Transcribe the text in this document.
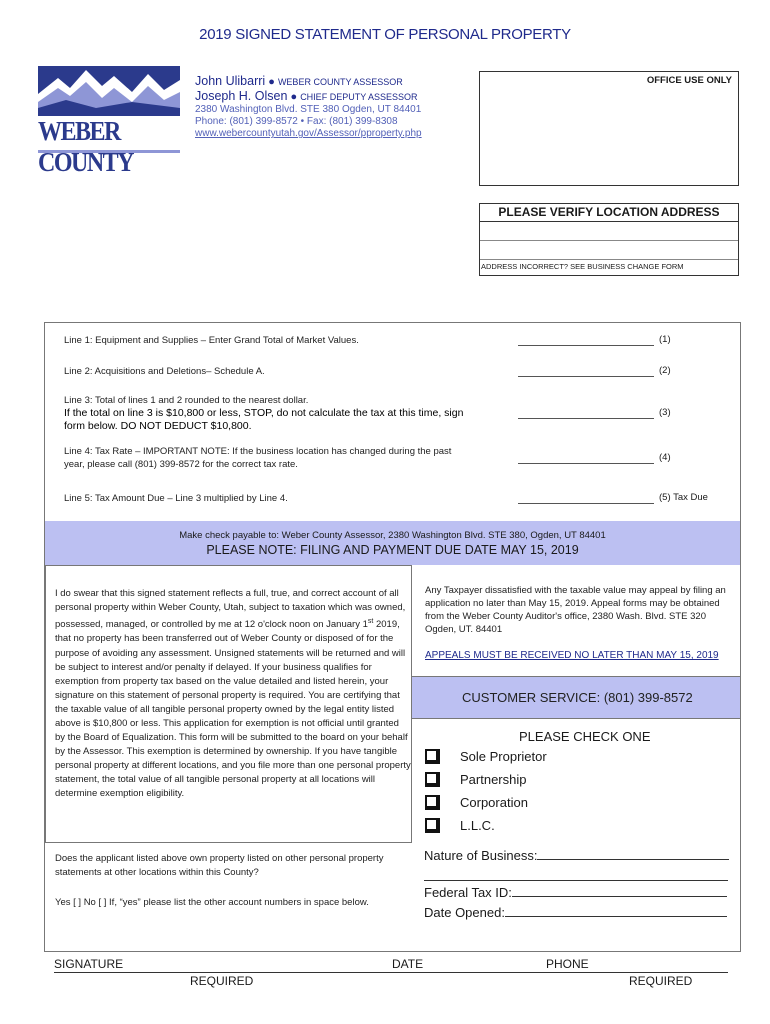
2019 SIGNED STATEMENT OF PERSONAL PROPERTY
WEBER COUNTY
John Ulibarri ● WEBER COUNTY ASSESSOR
Joseph H. Olsen ● CHIEF DEPUTY ASSESSOR
2380 Washington Blvd. STE 380 Ogden, UT 84401
Phone: (801) 399-8572 • Fax: (801) 399-8308
www.webercountyutah.gov/Assessor/pproperty.php
OFFICE USE ONLY
PLEASE VERIFY LOCATION ADDRESS
ADDRESS INCORRECT? SEE BUSINESS CHANGE FORM
Line 1: Equipment and Supplies – Enter Grand Total of Market Values.	(1)
Line 2: Acquisitions and Deletions– Schedule A.	(2)
Line 3: Total of lines 1 and 2 rounded to the nearest dollar.
If the total on line 3 is $10,800 or less, STOP, do not calculate the tax at this time, sign form below. DO NOT DEDUCT $10,800.
(3)
Line 4: Tax Rate – IMPORTANT NOTE: If the business location has changed during the past year, please call (801) 399-8572 for the correct tax rate.
(4)
Line 5: Tax Amount Due – Line 3 multiplied by Line 4.	(5) Tax Due
Make check payable to: Weber County Assessor, 2380 Washington Blvd. STE 380, Ogden, UT 84401
PLEASE NOTE: FILING AND PAYMENT DUE DATE MAY 15, 2019
I do swear that this signed statement reflects a full, true, and correct account of all personal property within Weber County, Utah, subject to taxation which was owned, possessed, managed, or controlled by me at 12 o'clock noon on January 1st 2019, that no property has been transferred out of Weber County or disposed of for the purpose of avoiding any assessment. Unsigned statements will be returned and will be subject to interest and/or penalty if delayed. If your business qualifies for exemption from property tax based on the value detailed and listed herein, your signature on this statement of personal property is required. You are certifying that the taxable value of all tangible personal property owned by the legal entity listed above is $10,800 or less. This application for exemption is not official until granted by the Board of Equalization. This form will be submitted to the board on your behalf by the Assessor. This exemption is determined by ownership. If you have tangible personal property at different locations, and you file more than one personal property statement, the total value of all tangible personal property at all locations will determine exemption eligibility.
Any Taxpayer dissatisfied with the taxable value may appeal by filing an application no later than May 15, 2019. Appeal forms may be obtained from the Weber County Auditor's office, 2380 Wash. Blvd. STE 320 Ogden, UT. 84401
APPEALS MUST BE RECEIVED NO LATER THAN MAY 15, 2019
CUSTOMER SERVICE: (801) 399-8572
PLEASE CHECK ONE
Sole Proprietor
Partnership
Corporation
L.L.C.
Nature of Business:
Federal Tax ID:
Date Opened:
Does the applicant listed above own property listed on other personal property statements at other locations within this County?
Yes [ ] No [ ] If, “yes” please list the other account numbers in space below.
SIGNATURE	DATE	PHONE
REQUIRED	REQUIRED
